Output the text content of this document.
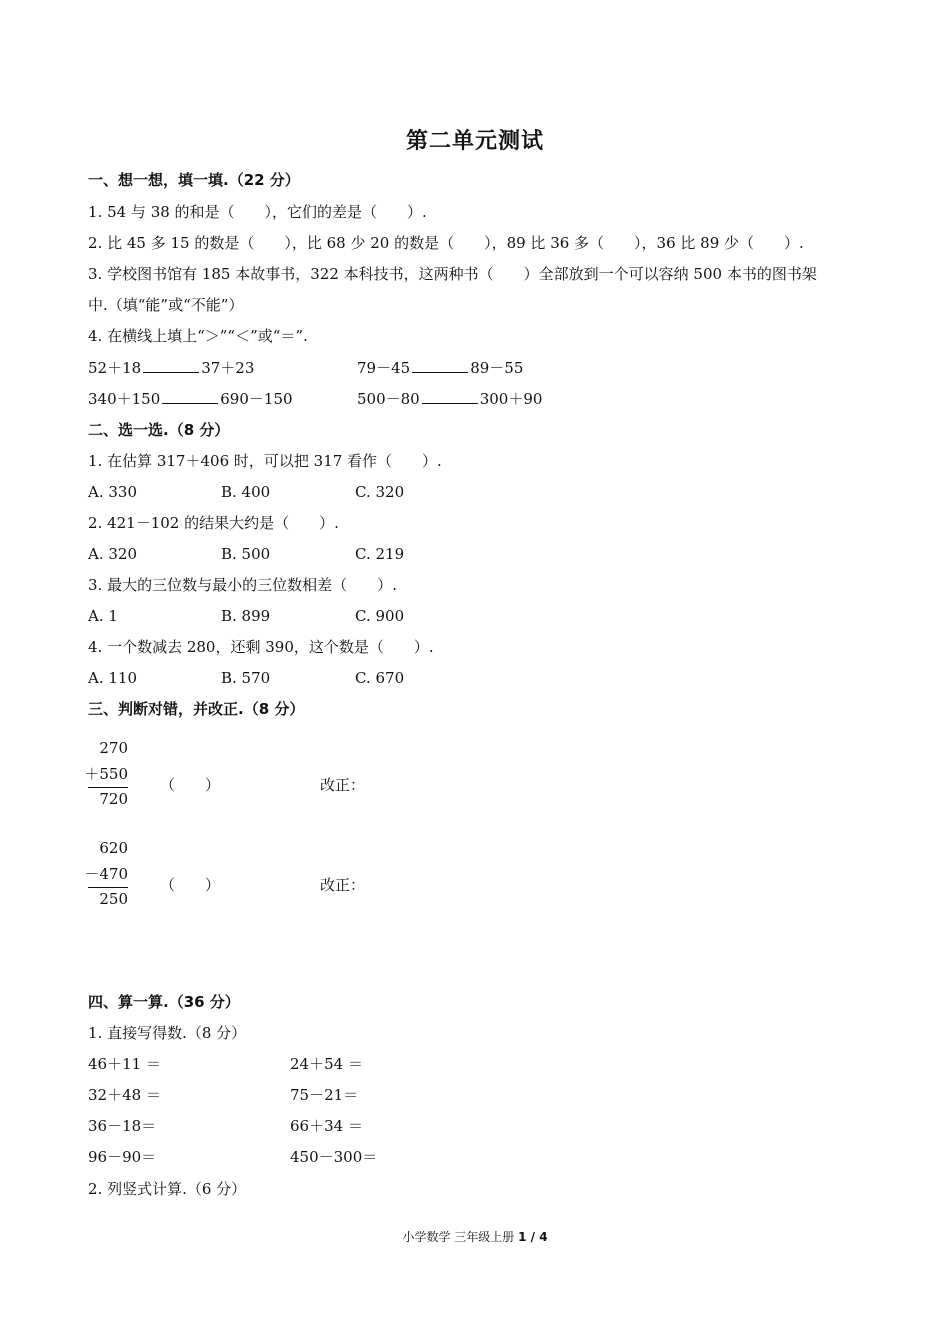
第二单元测试
一、想一想，填一填.（22 分）
1. 54 与 38 的和是（　　），它们的差是（　　）.
2. 比 45 多 15 的数是（　　），比 68 少 20 的数是（　　），89 比 36 多（　　），36 比 89 少（　　）.
3. 学校图书馆有 185 本故事书，322 本科技书，这两种书（　　）全部放到一个可以容纳 500 本书的图书架
中.（填“能”或“不能”）
4. 在横线上填上“＞”“＜”或“＝”.
52＋18	37＋23	79－45	89－55
340＋150	690－150	500－80	300＋90
二、选一选.（8 分）
1. 在估算 317＋406 时，可以把 317 看作（　　）.
A. 330	B. 400	C. 320
2. 421－102 的结果大约是（　　）.
A. 320	B. 500	C. 219
3. 最大的三位数与最小的三位数相差（　　）.
A. 1	B. 899	C. 900
4. 一个数减去 280，还剩 390，这个数是（　　）.
A. 110	B. 570	C. 670
三、判断对错，并改正.（8 分）
270
＋550
720
（　　）	改正：
620
－470
250
（　　）	改正：
四、算一算.（36 分）
1. 直接写得数.（8 分）
46＋11 ＝	24＋54 ＝
32＋48 ＝	75－21＝
36－18＝	66＋34 ＝
96－90＝	450－300＝
2. 列竖式计算.（6 分）
小学数学 三年级上册 1 / 4
